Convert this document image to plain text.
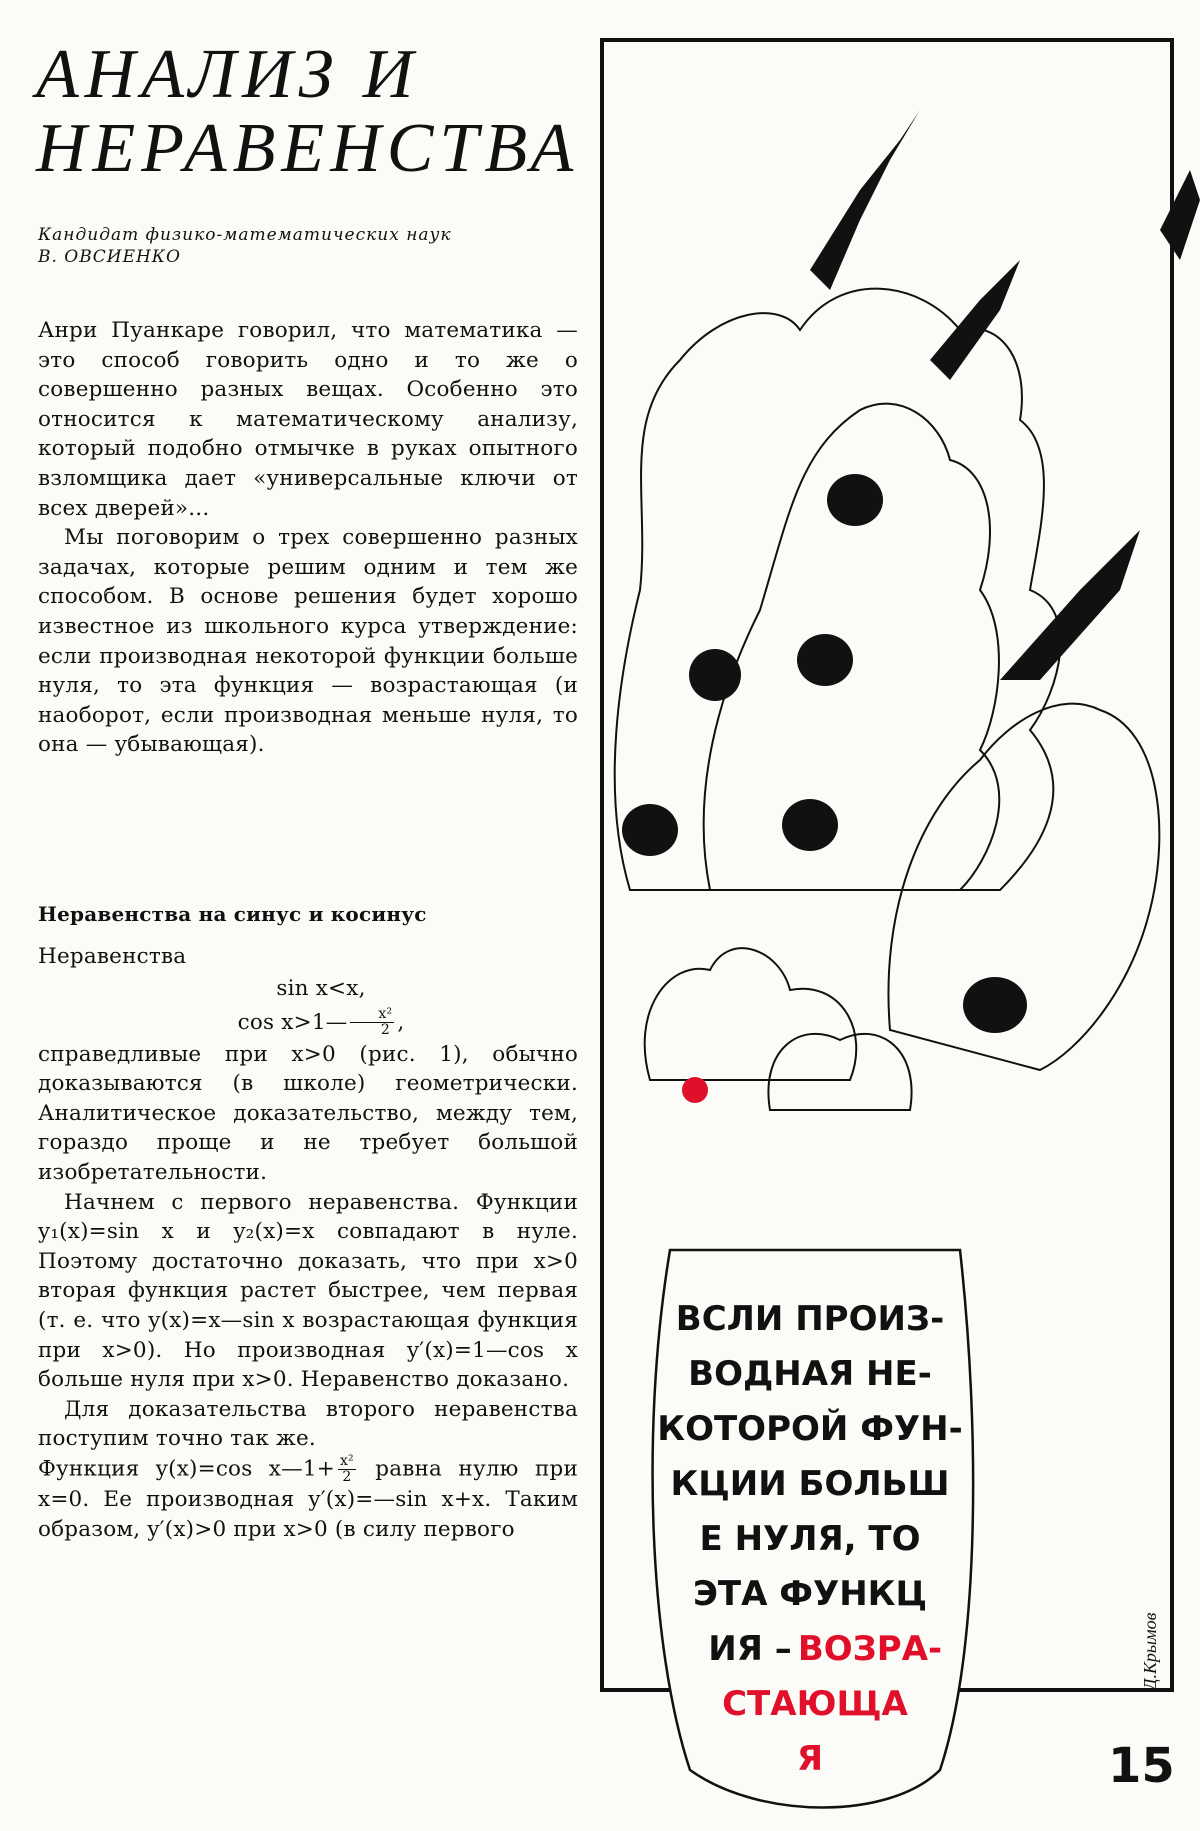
АНАЛИЗ И
НЕРАВЕНСТВА
Кандидат физико-математических наук
В. ОВСИЕНКО

Анри Пуанкаре говорил, что математика — это способ говорить одно и то же о совершенно разных вещах. Особенно это относится к математическому анализу, который подобно отмычке в руках опытного взломщика дает «универсальные ключи от всех дверей»...

Мы поговорим о трех совершенно разных задачах, которые решим одним и тем же способом. В основе решения будет хорошо известное из школьного курса утверждение: если производная некоторой функции больше нуля, то эта функция — возрастающая (и наоборот, если производная меньше нуля, то она — убывающая).

Неравенства на синус и косинус

Неравенства

sin x<x,

cos x>1— $\frac{\text{x²}}{2}$ ,

справедливые при x>0 (рис. 1), обычно доказываются (в школе) геометрически. Аналитическое доказательство, между тем, гораздо проще и не требует большой изобретательности.

Начнем с первого неравенства. Функции y₁(x)=sin x и y₂(x)=x совпадают в нуле. Поэтому достаточно доказать, что при x>0 вторая функция растет быстрее, чем первая (т. е. что y(x)=x—sin x возрастающая функция при x>0). Но производная y′(x)=1—cos x больше нуля при x>0. Неравенство доказано.

Для доказательства второго неравенства поступим точно так же.

Функция y(x)=cos x—1+ $\frac{\text{x²}}{2}$ равна нулю при x=0. Ее производная y′(x)=—sin x+x. Таким образом, y′(x)>0 при x>0 (в силу первого

ВСЛИ ПРОИЗ-
ВОДНАЯ НЕ-
КОТОРОЙ ФУН-
КЦИИ БОЛЬШ
Е НУЛЯ, ТО
ЭТА ФУНКЦ
ИЯ – ВОЗРА-
СТАЮЩА
Я
Д.Крымов
15
